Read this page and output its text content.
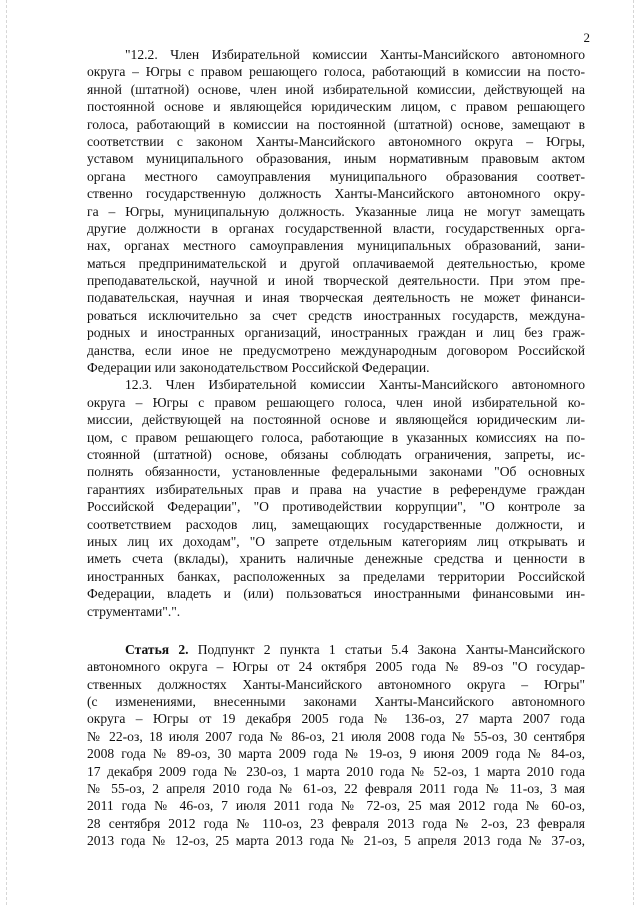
2
"12.2. Член Избирательной комиссии Ханты-Мансийского автономного
округа – Югры с правом решающего голоса, работающий в комиссии на посто-
янной (штатной) основе, член иной избирательной комиссии, действующей на
постоянной основе и являющейся юридическим лицом, с правом решающего
голоса, работающий в комиссии на постоянной (штатной) основе, замещают в
соответствии с законом Ханты-Мансийского автономного округа – Югры,
уставом муниципального образования, иным нормативным правовым актом
органа местного самоуправления муниципального образования соответ-
ственно государственную должность Ханты-Мансийского автономного окру-
га – Югры, муниципальную должность. Указанные лица не могут замещать
другие должности в органах государственной власти, государственных орга-
нах, органах местного самоуправления муниципальных образований, зани-
маться предпринимательской и другой оплачиваемой деятельностью, кроме
преподавательской, научной и иной творческой деятельности. При этом пре-
подавательская, научная и иная творческая деятельность не может финанси-
роваться исключительно за счет средств иностранных государств, междуна-
родных и иностранных организаций, иностранных граждан и лиц без граж-
данства, если иное не предусмотрено международным договором Российской
Федерации или законодательством Российской Федерации.
12.3. Член Избирательной комиссии Ханты-Мансийского автономного
округа – Югры с правом решающего голоса, член иной избирательной ко-
миссии, действующей на постоянной основе и являющейся юридическим ли-
цом, с правом решающего голоса, работающие в указанных комиссиях на по-
стоянной (штатной) основе, обязаны соблюдать ограничения, запреты, ис-
полнять обязанности, установленные федеральными законами "Об основных
гарантиях избирательных прав и права на участие в референдуме граждан
Российской Федерации", "О противодействии коррупции", "О контроле за
соответствием расходов лиц, замещающих государственные должности, и
иных лиц их доходам", "О запрете отдельным категориям лиц открывать и
иметь счета (вклады), хранить наличные денежные средства и ценности в
иностранных банках, расположенных за пределами территории Российской
Федерации, владеть и (или) пользоваться иностранными финансовыми ин-
струментами".".
Статья 2. Подпункт 2 пункта 1 статьи 5.4 Закона Ханты-Мансийского
автономного округа – Югры от 24 октября 2005 года № 89-оз "О государ-
ственных должностях Ханты-Мансийского автономного округа – Югры"
(с изменениями, внесенными законами Ханты-Мансийского автономного
округа – Югры от 19 декабря 2005 года № 136-оз, 27 марта 2007 года
№ 22-оз, 18 июля 2007 года № 86-оз, 21 июля 2008 года № 55-оз, 30 сентября
2008 года № 89-оз, 30 марта 2009 года № 19-оз, 9 июня 2009 года № 84-оз,
17 декабря 2009 года № 230-оз, 1 марта 2010 года № 52-оз, 1 марта 2010 года
№ 55-оз, 2 апреля 2010 года № 61-оз, 22 февраля 2011 года № 11-оз, 3 мая
2011 года № 46-оз, 7 июля 2011 года № 72-оз, 25 мая 2012 года № 60-оз,
28 сентября 2012 года № 110-оз, 23 февраля 2013 года № 2-оз, 23 февраля
2013 года № 12-оз, 25 марта 2013 года № 21-оз, 5 апреля 2013 года № 37-оз,
